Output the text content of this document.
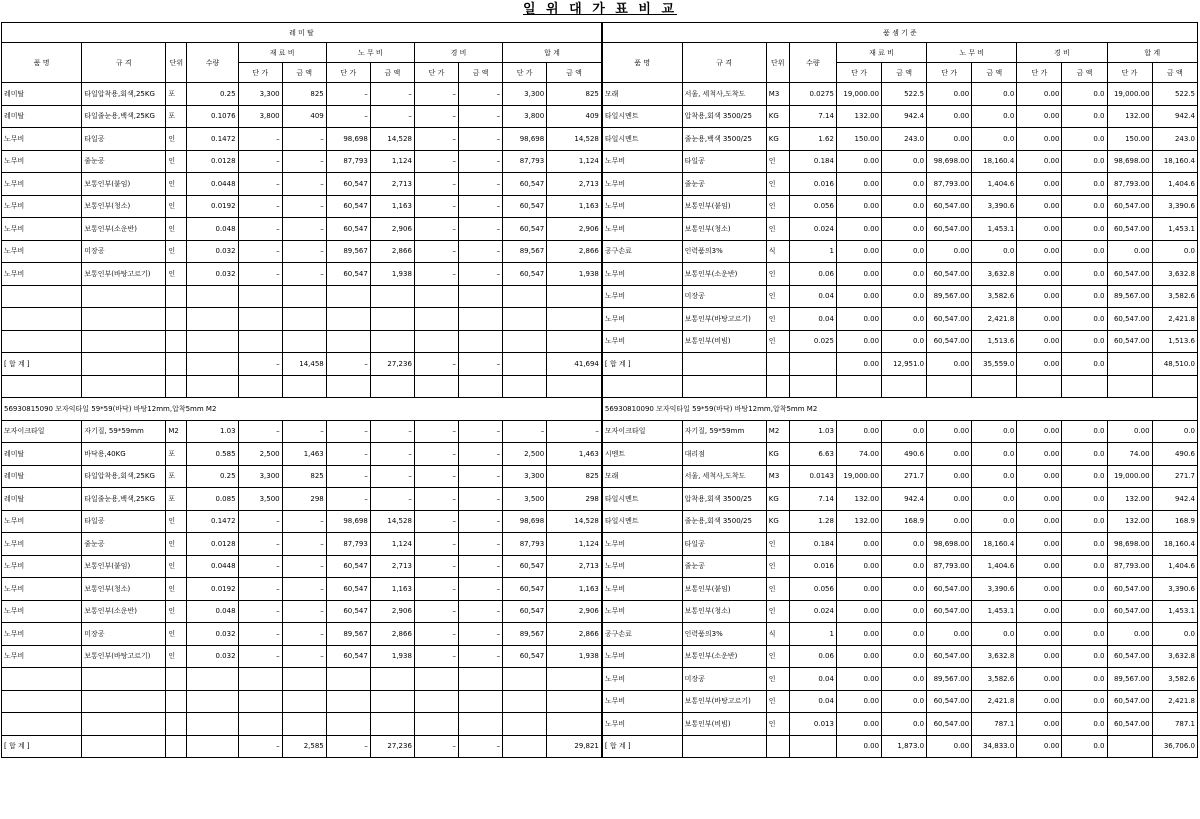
일 위 대 가 표 비 교
레 미 탈												품 셈 기 준											
품 명	규 격	단위	수량	재 료 비		노 무 비		경 비		합 계		품 명	규 격	단위	수량	재 료 비		노 무 비		경 비		합 계	
				단 가	금 액	단 가	금 액	단 가	금 액	단 가	금 액					단 가	금 액	단 가	금 액	단 가	금 액	단 가	금 액
레미탈	타일압착용,회색,25KG	포	0.25	3,300	825	–	–	–	–	3,300	825	모래	서울, 세척사,도착도	M3	0.0275	19,000.00	522.5	0.00	0.0	0.00	0.0	19,000.00	522.5
레미탈	타일줄눈용,백색,25KG	포	0.1076	3,800	409	–	–	–	–	3,800	409	타일시멘트	압착용,회색 3500/25	KG	7.14	132.00	942.4	0.00	0.0	0.00	0.0	132.00	942.4
노무비	타일공	인	0.1472	–	–	98,698	14,528	–	–	98,698	14,528	타일시멘트	줄눈용,백색 3500/25	KG	1.62	150.00	243.0	0.00	0.0	0.00	0.0	150.00	243.0
노무비	줄눈공	인	0.0128	–	–	87,793	1,124	–	–	87,793	1,124	노무비	타일공	인	0.184	0.00	0.0	98,698.00	18,160.4	0.00	0.0	98,698.00	18,160.4
노무비	보통인부(붙임)	인	0.0448	–	–	60,547	2,713	–	–	60,547	2,713	노무비	줄눈공	인	0.016	0.00	0.0	87,793.00	1,404.6	0.00	0.0	87,793.00	1,404.6
노무비	보통인부(청소)	인	0.0192	–	–	60,547	1,163	–	–	60,547	1,163	노무비	보통인부(붙임)	인	0.056	0.00	0.0	60,547.00	3,390.6	0.00	0.0	60,547.00	3,390.6
노무비	보통인부(소운반)	인	0.048	–	–	60,547	2,906	–	–	60,547	2,906	노무비	보통인부(청소)	인	0.024	0.00	0.0	60,547.00	1,453.1	0.00	0.0	60,547.00	1,453.1
노무비	미장공	인	0.032	–	–	89,567	2,866	–	–	89,567	2,866	공구손료	인력품의3%	식	1	0.00	0.0	0.00	0.0	0.00	0.0	0.00	0.0
노무비	보통인부(바탕고르기)	인	0.032	–	–	60,547	1,938	–	–	60,547	1,938	노무비	보통인부(소운반)	인	0.06	0.00	0.0	60,547.00	3,632.8	0.00	0.0	60,547.00	3,632.8
												노무비	미장공	인	0.04	0.00	0.0	89,567.00	3,582.6	0.00	0.0	89,567.00	3,582.6
												노무비	보통인부(바탕고르기)	인	0.04	0.00	0.0	60,547.00	2,421.8	0.00	0.0	60,547.00	2,421.8
												노무비	보통인부(비빔)	인	0.025	0.00	0.0	60,547.00	1,513.6	0.00	0.0	60,547.00	1,513.6
[ 합 계 ]				–	14,458	–	27,236	–	–		41,694	[ 합 계 ]				0.00	12,951.0	0.00	35,559.0	0.00	0.0		48,510.0

56930815090 모자익타일 59*59(바닥) 바탕12mm,압착5mm M2												56930810090 모자익타일 59*59(바닥) 바탕12mm,압착5mm M2											
모자이크타일	자기질, 59*59mm	M2	1.03	–	–	–	–	–	–	–	–	모자이크타일	자기질, 59*59mm	M2	1.03	0.00	0.0	0.00	0.0	0.00	0.0	0.00	0.0
레미탈	바닥용,40KG	포	0.585	2,500	1,463	–	–	–	–	2,500	1,463	시멘트	대리점	KG	6.63	74.00	490.6	0.00	0.0	0.00	0.0	74.00	490.6
레미탈	타일압착용,회색,25KG	포	0.25	3,300	825	–	–	–	–	3,300	825	모래	서울, 세척사,도착도	M3	0.0143	19,000.00	271.7	0.00	0.0	0.00	0.0	19,000.00	271.7
레미탈	타일줄눈용,백색,25KG	포	0.085	3,500	298	–	–	–	–	3,500	298	타일시멘트	압착용,회색 3500/25	KG	7.14	132.00	942.4	0.00	0.0	0.00	0.0	132.00	942.4
노무비	타일공	인	0.1472	–	–	98,698	14,528	–	–	98,698	14,528	타일시멘트	줄눈용,회색 3500/25	KG	1.28	132.00	168.9	0.00	0.0	0.00	0.0	132.00	168.9
노무비	줄눈공	인	0.0128	–	–	87,793	1,124	–	–	87,793	1,124	노무비	타일공	인	0.184	0.00	0.0	98,698.00	18,160.4	0.00	0.0	98,698.00	18,160.4
노무비	보통인부(붙임)	인	0.0448	–	–	60,547	2,713	–	–	60,547	2,713	노무비	줄눈공	인	0.016	0.00	0.0	87,793.00	1,404.6	0.00	0.0	87,793.00	1,404.6
노무비	보통인부(청소)	인	0.0192	–	–	60,547	1,163	–	–	60,547	1,163	노무비	보통인부(붙임)	인	0.056	0.00	0.0	60,547.00	3,390.6	0.00	0.0	60,547.00	3,390.6
노무비	보통인부(소운반)	인	0.048	–	–	60,547	2,906	–	–	60,547	2,906	노무비	보통인부(청소)	인	0.024	0.00	0.0	60,547.00	1,453.1	0.00	0.0	60,547.00	1,453.1
노무비	미장공	인	0.032	–	–	89,567	2,866	–	–	89,567	2,866	공구손료	인력품의3%	식	1	0.00	0.0	0.00	0.0	0.00	0.0	0.00	0.0
노무비	보통인부(바탕고르기)	인	0.032	–	–	60,547	1,938	–	–	60,547	1,938	노무비	보통인부(소운반)	인	0.06	0.00	0.0	60,547.00	3,632.8	0.00	0.0	60,547.00	3,632.8
												노무비	미장공	인	0.04	0.00	0.0	89,567.00	3,582.6	0.00	0.0	89,567.00	3,582.6
												노무비	보통인부(바탕고르기)	인	0.04	0.00	0.0	60,547.00	2,421.8	0.00	0.0	60,547.00	2,421.8
												노무비	보통인부(비빔)	인	0.013	0.00	0.0	60,547.00	787.1	0.00	0.0	60,547.00	787.1
[ 합 계 ]				–	2,585	–	27,236	–	–		29,821	[ 합 계 ]				0.00	1,873.0	0.00	34,833.0	0.00	0.0		36,706.0
